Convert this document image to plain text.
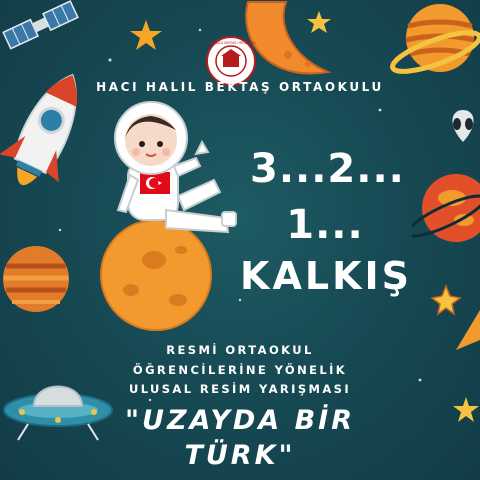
HACI HALIL BEKTAŞ ORTAOKULU
HACI HALIL BEKTAŞ ORTAOKULU
3...2...
1...
KALKIŞ
RESMİ ORTAOKUL
ÖĞRENCİLERİNE YÖNELİK
ULUSAL RESİM YARIŞMASI
"UZAYDA BİR
TÜRK"
